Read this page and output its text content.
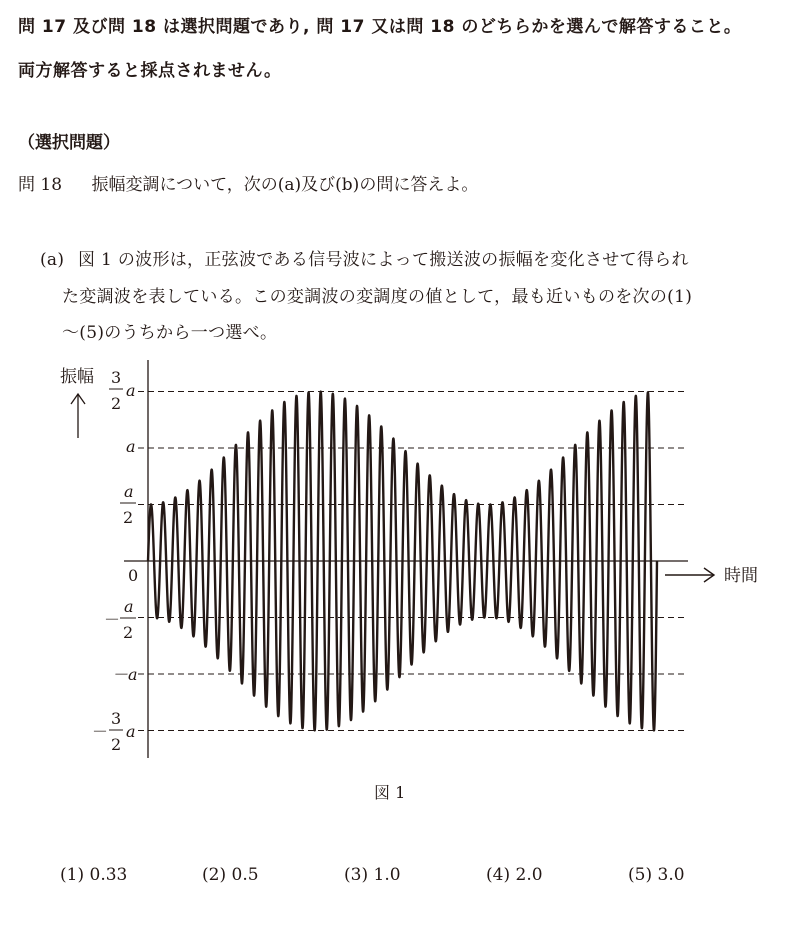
問 17 及び問 18 は選択問題であり, 問 17 又は問 18 のどちらかを選んで解答すること。
両方解答すると採点されません。
（選択問題）
問 18 振幅変調について，次の(a)及び(b)の問に答えよ。
(a) 図 1 の波形は，正弦波である信号波によって搬送波の振幅を変化させて得られ
た変調波を表している。この変調波の変調度の値として，最も近いものを次の(1)
～(5)のうちから一つ選べ。
振幅
時間
3
2
a
a
a
2
0
－
a
2
－a
－
3
2
a
図 1
(1) 0.33	(2) 0.5	(3) 1.0	(4) 2.0	(5) 3.0
